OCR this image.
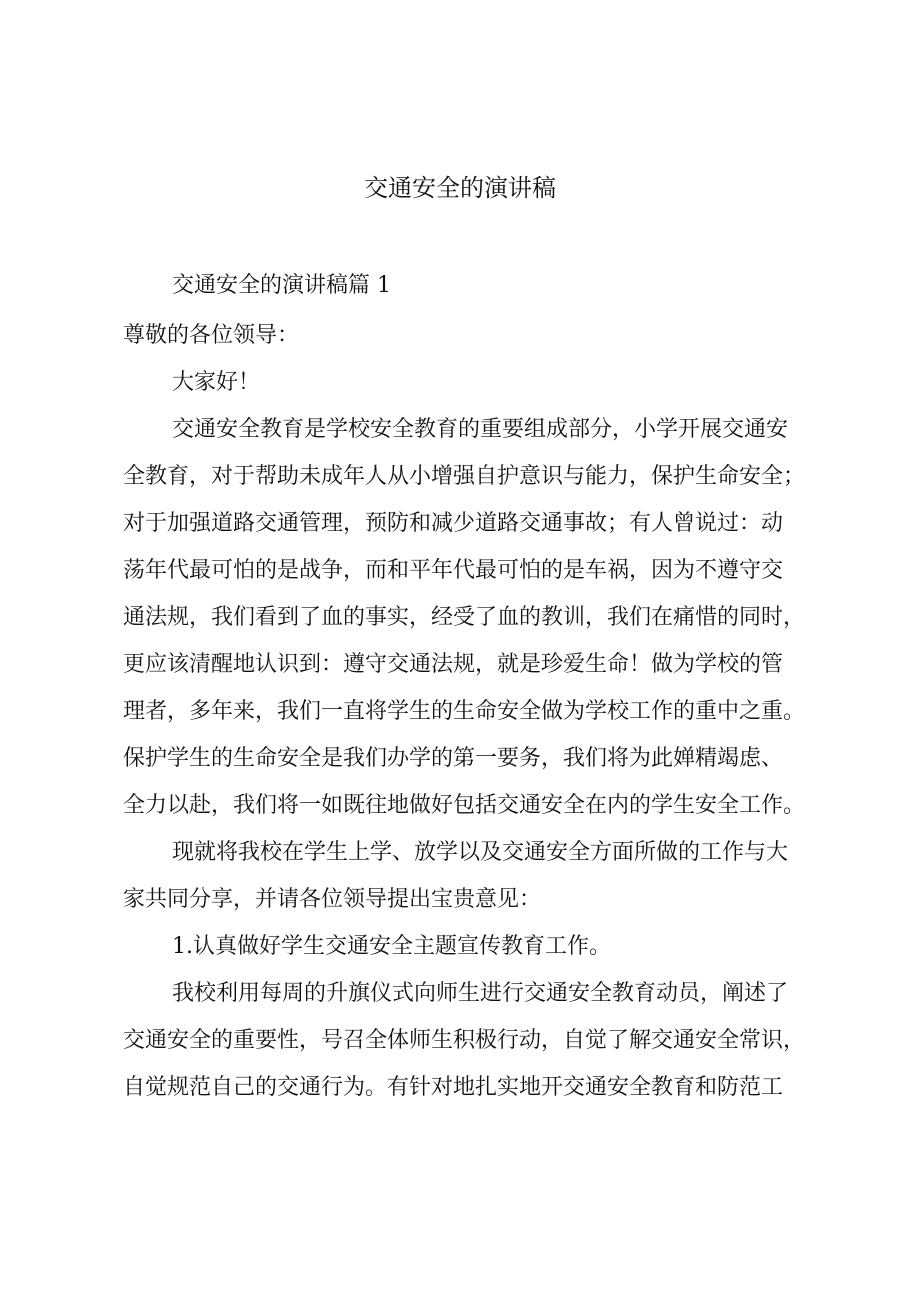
交通安全的演讲稿
交通安全的演讲稿篇 1
尊敬的各位领导：
大家好！
交通安全教育是学校安全教育的重要组成部分，小学开展交通安
全教育，对于帮助未成年人从小增强自护意识与能力，保护生命安全；
对于加强道路交通管理，预防和减少道路交通事故；有人曾说过：动
荡年代最可怕的是战争，而和平年代最可怕的是车祸，因为不遵守交
通法规，我们看到了血的事实，经受了血的教训，我们在痛惜的同时，
更应该清醒地认识到：遵守交通法规，就是珍爱生命！做为学校的管
理者，多年来，我们一直将学生的生命安全做为学校工作的重中之重。
保护学生的生命安全是我们办学的第一要务，我们将为此婵精竭虑、
全力以赴，我们将一如既往地做好包括交通安全在内的学生安全工作。
现就将我校在学生上学、放学以及交通安全方面所做的工作与大
家共同分享，并请各位领导提出宝贵意见：
1.认真做好学生交通安全主题宣传教育工作。
我校利用每周的升旗仪式向师生进行交通安全教育动员，阐述了
交通安全的重要性，号召全体师生积极行动，自觉了解交通安全常识，
自觉规范自己的交通行为。有针对地扎实地开交通安全教育和防范工
